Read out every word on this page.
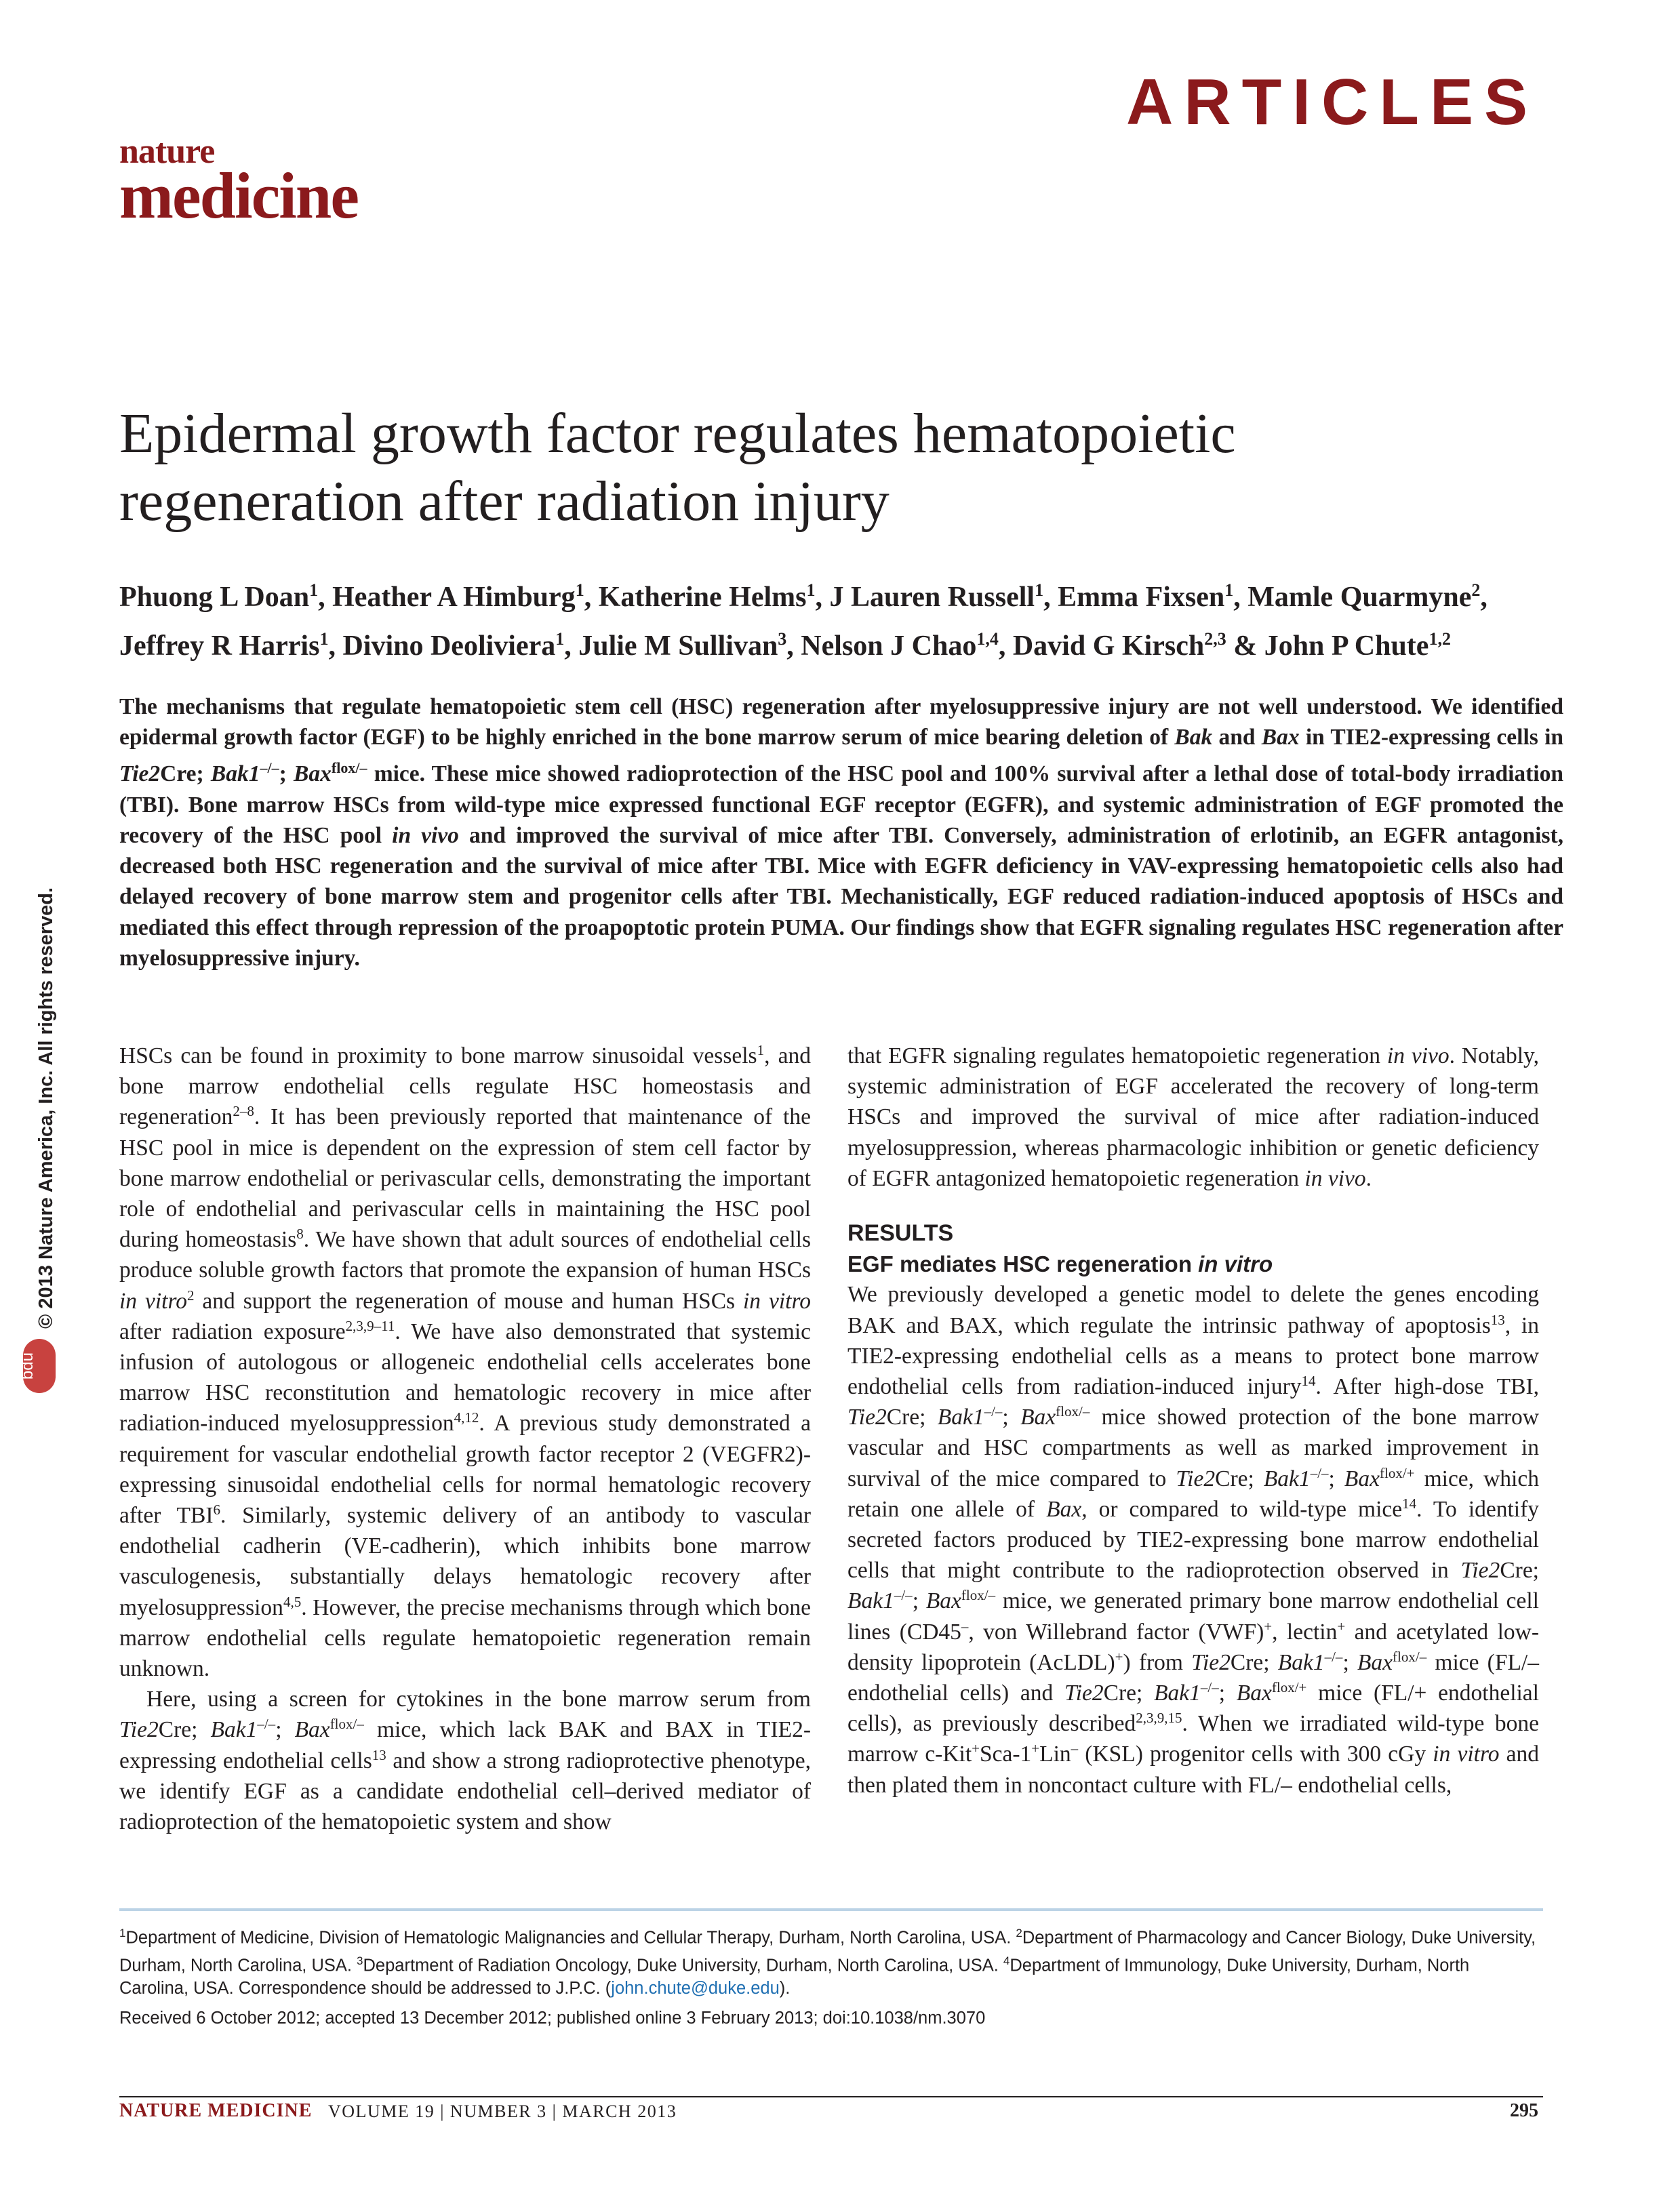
ARTICLES
nature
medicine
Epidermal growth factor regulates hematopoietic
regeneration after radiation injury
Phuong L Doan$^1$, Heather A Himburg$^1$, Katherine Helms$^1$, J Lauren Russell$^1$, Emma Fixsen$^1$, Mamle Quarmyne$^2$, Jeffrey R Harris$^1$, Divino Deoliviera$^1$, Julie M Sullivan$^3$, Nelson J Chao$^{1,4}$, David G Kirsch$^{2,3}$ & John P Chute$^{1,2}$
The mechanisms that regulate hematopoietic stem cell (HSC) regeneration after myelosuppressive injury are not well understood. We identified epidermal growth factor (EGF) to be highly enriched in the bone marrow serum of mice bearing deletion of Bak and Bax in TIE2-expressing cells in Tie2Cre; Bak1–/–; Bax$^{flox/-}$ mice. These mice showed radioprotection of the HSC pool and 100% survival after a lethal dose of total-body irradiation (TBI). Bone marrow HSCs from wild-type mice expressed functional EGF receptor (EGFR), and systemic administration of EGF promoted the recovery of the HSC pool in vivo and improved the survival of mice after TBI. Conversely, administration of erlotinib, an EGFR antagonist, decreased both HSC regeneration and the survival of mice after TBI. Mice with EGFR deficiency in VAV-expressing hematopoietic cells also had delayed recovery of bone marrow stem and progenitor cells after TBI. Mechanistically, EGF reduced radiation-induced apoptosis of HSCs and mediated this effect through repression of the proapoptotic protein PUMA. Our findings show that EGFR signaling regulates HSC regeneration after myelosuppressive injury.
© 2013 Nature America, Inc. All rights reserved.
npg

HSCs can be found in proximity to bone marrow sinusoidal vessels$^1$, and bone marrow endothelial cells regulate HSC homeostasis and regeneration$^{2-8}$. It has been previously reported that maintenance of the HSC pool in mice is dependent on the expression of stem cell factor by bone marrow endothelial or perivascular cells, demonstrating the important role of endothelial and perivascular cells in maintaining the HSC pool during homeostasis$^8$. We have shown that adult sources of endothelial cells produce soluble growth factors that promote the expansion of human HSCs in vitro$^2$ and support the regeneration of mouse and human HSCs in vitro after radiation exposure$^{2,3,9-11}$. We have also demonstrated that systemic infusion of autologous or allogeneic endothelial cells accelerates bone marrow HSC reconstitution and hematologic recovery in mice after radiation-induced myelosuppression$^{4,12}$. A previous study demonstrated a requirement for vascular endothelial growth factor receptor 2 (VEGFR2)-expressing sinusoidal endothelial cells for normal hematologic recovery after TBI$^6$. Similarly, systemic delivery of an antibody to vascular endothelial cadherin (VE-cadherin), which inhibits bone marrow vasculogenesis, substantially delays hematologic recovery after myelosuppression$^{4,5}$. However, the precise mechanisms through which bone marrow endothelial cells regulate hematopoietic regeneration remain unknown.

Here, using a screen for cytokines in the bone marrow serum from Tie2Cre; Bak1–/–; Bax$^{flox/-}$ mice, which lack BAK and BAX in TIE2-expressing endothelial cells$^{13}$ and show a strong radioprotective phenotype, we identify EGF as a candidate endothelial cell–derived mediator of radioprotection of the hematopoietic system and show

that EGFR signaling regulates hematopoietic regeneration in vivo. Notably, systemic administration of EGF accelerated the recovery of long-term HSCs and improved the survival of mice after radiation-induced myelosuppression, whereas pharmacologic inhibition or genetic deficiency of EGFR antagonized hematopoietic regeneration in vivo.

RESULTS

EGF mediates HSC regeneration in vitro

We previously developed a genetic model to delete the genes encoding BAK and BAX, which regulate the intrinsic pathway of apoptosis$^{13}$, in TIE2-expressing endothelial cells as a means to protect bone marrow endothelial cells from radiation-induced injury$^{14}$. After high-dose TBI, Tie2Cre; Bak1–/–; Bax$^{flox/-}$ mice showed protection of the bone marrow vascular and HSC compartments as well as marked improvement in survival of the mice compared to Tie2Cre; Bak1–/–; Bax$^{flox/+}$ mice, which retain one allele of Bax, or compared to wild-type mice$^{14}$. To identify secreted factors produced by TIE2-expressing bone marrow endothelial cells that might contribute to the radioprotection observed in Tie2Cre; Bak1–/–; Bax$^{flox/-}$ mice, we generated primary bone marrow endothelial cell lines (CD45–, von Willebrand factor (VWF)+, lectin+ and acetylated low-density lipoprotein (AcLDL)+) from Tie2Cre; Bak1–/–; Bax$^{flox/-}$ mice (FL/– endothelial cells) and Tie2Cre; Bak1–/–; Bax$^{flox/+}$ mice (FL/+ endothelial cells), as previously described$^{2,3,9,15}$. When we irradiated wild-type bone marrow c-Kit+Sca-1+Lin– (KSL) progenitor cells with 300 cGy in vitro and then plated them in noncontact culture with FL/– endothelial cells,

$^1$Department of Medicine, Division of Hematologic Malignancies and Cellular Therapy, Durham, North Carolina, USA. $^2$Department of Pharmacology and Cancer Biology, Duke University, Durham, North Carolina, USA. $^3$Department of Radiation Oncology, Duke University, Durham, North Carolina, USA. $^4$Department of Immunology, Duke University, Durham, North Carolina, USA. Correspondence should be addressed to J.P.C. (john.chute@duke.edu).
Received 6 October 2012; accepted 13 December 2012; published online 3 February 2013; doi:10.1038/nm.3070
NATURE MEDICINE VOLUME 19 | NUMBER 3 | MARCH 2013	295
